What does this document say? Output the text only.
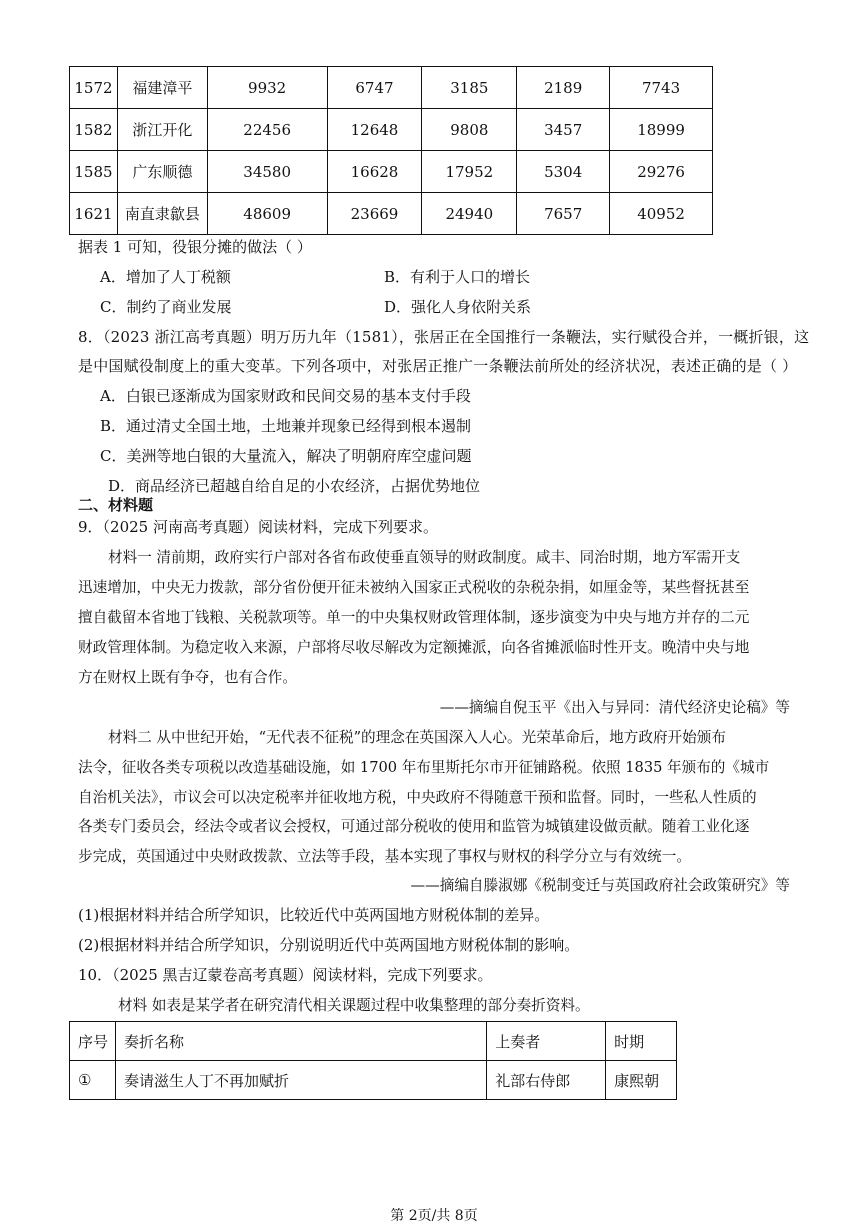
1572	福建漳平	9932	6747	3185	2189	7743
1582	浙江开化	22456	12648	9808	3457	18999
1585	广东顺德	34580	16628	17952	5304	29276
1621	南直隶歙县	48609	23669	24940	7657	40952
据表 1 可知，役银分摊的做法（ ）
A．增加了人丁税额	B．有利于人口的增长
C．制约了商业发展	D．强化人身依附关系
8．（2023 浙江高考真题）明万历九年（1581），张居正在全国推行一条鞭法，实行赋役合并，一概折银，这
是中国赋役制度上的重大变革。下列各项中，对张居正推广一条鞭法前所处的经济状况，表述正确的是（ ）
A．白银已逐渐成为国家财政和民间交易的基本支付手段
B．通过清丈全国土地，土地兼并现象已经得到根本遏制
C．美洲等地白银的大量流入，解决了明朝府库空虚问题
D．商品经济已超越自给自足的小农经济，占据优势地位
二、材料题
9．（2025 河南高考真题）阅读材料，完成下列要求。
材料一 清前期，政府实行户部对各省布政使垂直领导的财政制度。咸丰、同治时期，地方军需开支
迅速增加，中央无力拨款，部分省份便开征未被纳入国家正式税收的杂税杂捐，如厘金等，某些督抚甚至
擅自截留本省地丁钱粮、关税款项等。单一的中央集权财政管理体制，逐步演变为中央与地方并存的二元
财政管理体制。为稳定收入来源，户部将尽收尽解改为定额摊派，向各省摊派临时性开支。晚清中央与地
方在财权上既有争夺，也有合作。
——摘编自倪玉平《出入与异同：清代经济史论稿》等
材料二 从中世纪开始，“无代表不征税”的理念在英国深入人心。光荣革命后，地方政府开始颁布
法令，征收各类专项税以改造基础设施，如 1700 年布里斯托尔市开征铺路税。依照 1835 年颁布的《城市
自治机关法》，市议会可以决定税率并征收地方税，中央政府不得随意干预和监督。同时，一些私人性质的
各类专门委员会，经法令或者议会授权，可通过部分税收的使用和监管为城镇建设做贡献。随着工业化逐
步完成，英国通过中央财政拨款、立法等手段，基本实现了事权与财权的科学分立与有效统一。
——摘编自滕淑娜《税制变迁与英国政府社会政策研究》等
(1)根据材料并结合所学知识，比较近代中英两国地方财税体制的差异。
(2)根据材料并结合所学知识，分别说明近代中英两国地方财税体制的影响。
10．（2025 黑吉辽蒙卷高考真题）阅读材料，完成下列要求。
材料 如表是某学者在研究清代相关课题过程中收集整理的部分奏折资料。
序号	奏折名称	上奏者	时期
①	奏请滋生人丁不再加赋折	礼部右侍郎	康熙朝
第 2页/共 8页
